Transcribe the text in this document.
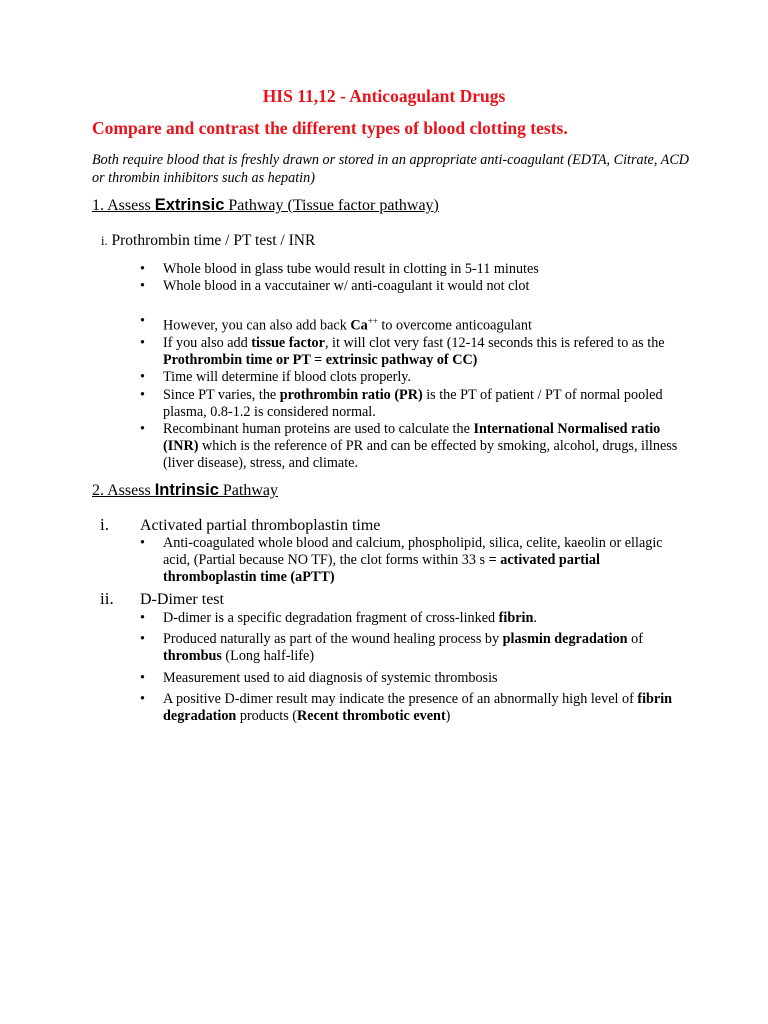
HIS 11,12 - Anticoagulant Drugs
Compare and contrast the different types of blood clotting tests.
Both require blood that is freshly drawn or stored in an appropriate anti-coagulant (EDTA, Citrate, ACD or thrombin inhibitors such as hepatin)
1. Assess Extrinsic Pathway (Tissue factor pathway)
i. Prothrombin time / PT test / INR
• Whole blood in glass tube would result in clotting in 5-11 minutes
• Whole blood in a vaccutainer w/ anti-coagulant it would not clot
• However, you can also add back Ca++ to overcome anticoagulant
• If you also add tissue factor, it will clot very fast (12-14 seconds this is refered to as the Prothrombin time or PT = extrinsic pathway of CC)
• Time will determine if blood clots properly.
• Since PT varies, the prothrombin ratio (PR) is the PT of patient / PT of normal pooled plasma, 0.8-1.2 is considered normal.
• Recombinant human proteins are used to calculate the International Normalised ratio (INR) which is the reference of PR and can be effected by smoking, alcohol, drugs, illness (liver disease), stress, and climate.
2. Assess Intrinsic Pathway
i. Activated partial thromboplastin time
• Anti-coagulated whole blood and calcium, phospholipid, silica, celite, kaeolin or ellagic acid, (Partial because NO TF), the clot forms within 33 s = activated partial thromboplastin time (aPTT)
ii. D-Dimer test
• D-dimer is a specific degradation fragment of cross-linked fibrin.
• Produced naturally as part of the wound healing process by plasmin degradation of thrombus (Long half-life)
• Measurement used to aid diagnosis of systemic thrombosis
• A positive D-dimer result may indicate the presence of an abnormally high level of fibrin degradation products (Recent thrombotic event)
